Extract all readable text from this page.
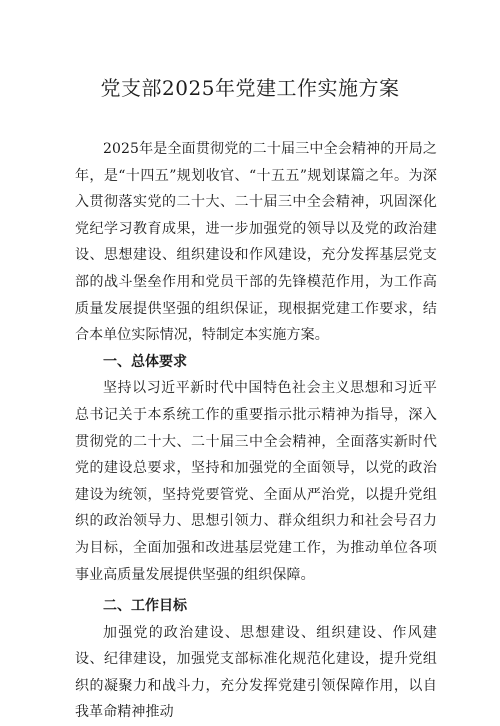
党支部2025年党建工作实施方案

2025年是全面贯彻党的二十届三中全会精神的开局之年，是“十四五”规划收官、“十五五”规划谋篇之年。为深入贯彻落实党的二十大、二十届三中全会精神，巩固深化党纪学习教育成果，进一步加强党的领导以及党的政治建设、思想建设、组织建设和作风建设，充分发挥基层党支部的战斗堡垒作用和党员干部的先锋模范作用，为工作高质量发展提供坚强的组织保证，现根据党建工作要求，结合本单位实际情况，特制定本实施方案。

一、总体要求

坚持以习近平新时代中国特色社会主义思想和习近平总书记关于本系统工作的重要指示批示精神为指导，深入贯彻党的二十大、二十届三中全会精神，全面落实新时代党的建设总要求，坚持和加强党的全面领导，以党的政治建设为统领，坚持党要管党、全面从严治党，以提升党组织的政治领导力、思想引领力、群众组织力和社会号召力为目标，全面加强和改进基层党建工作，为推动单位各项事业高质量发展提供坚强的组织保障。

二、工作目标

加强党的政治建设、思想建设、组织建设、作风建设、纪律建设，加强党支部标准化规范化建设，提升党组织的凝聚力和战斗力，充分发挥党建引领保障作用，以自我革命精神推动
